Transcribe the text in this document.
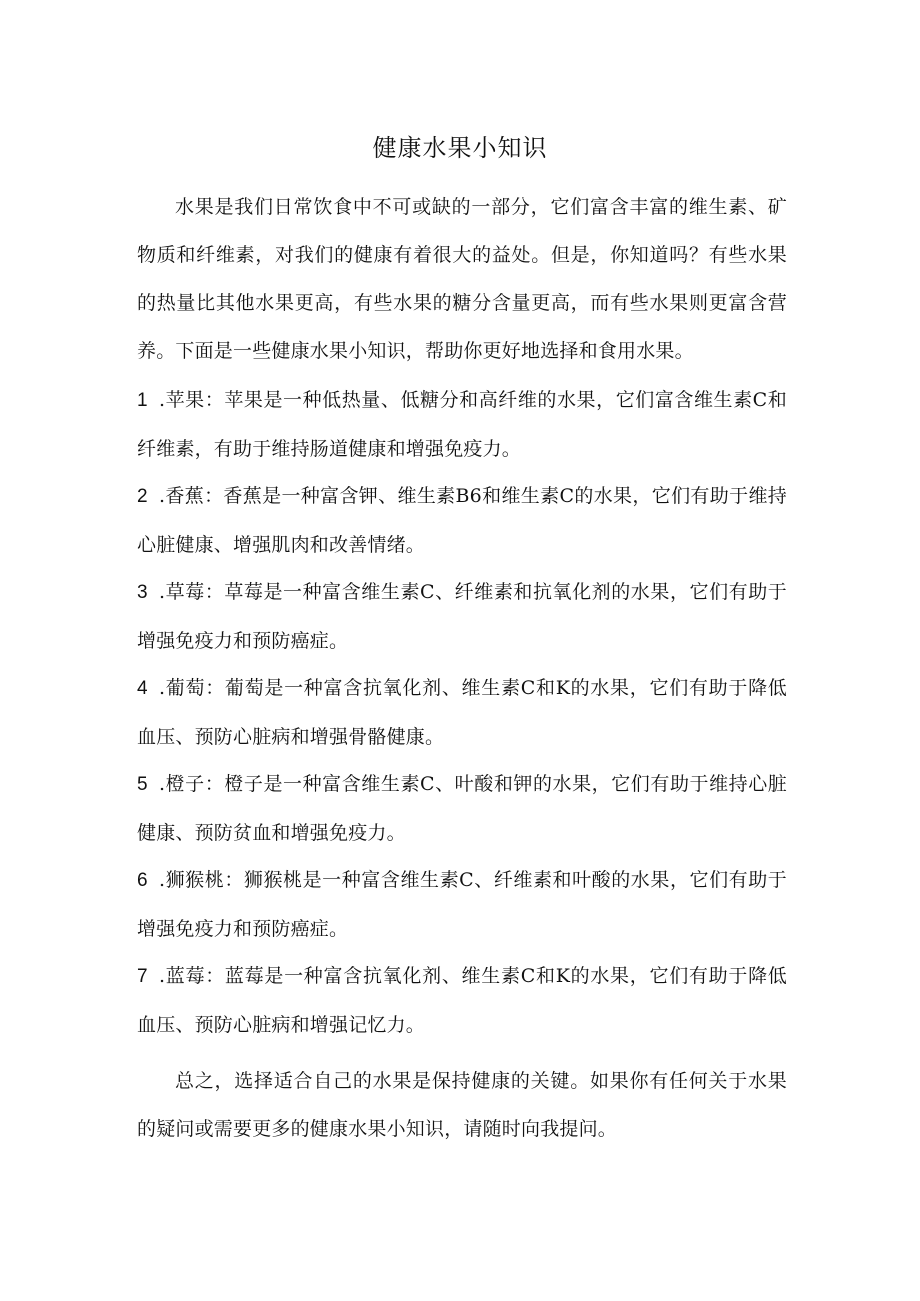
健康水果小知识
水果是我们日常饮食中不可或缺的一部分，它们富含丰富的维生素、矿物质和纤维素，对我们的健康有着很大的益处。但是，你知道吗？有些水果的热量比其他水果更高，有些水果的糖分含量更高，而有些水果则更富含营养。下面是一些健康水果小知识，帮助你更好地选择和食用水果。
1 .苹果：苹果是一种低热量、低糖分和高纤维的水果，它们富含维生素C和纤维素，有助于维持肠道健康和增强免疫力。
2 .香蕉：香蕉是一种富含钾、维生素B6和维生素C的水果，它们有助于维持心脏健康、增强肌肉和改善情绪。
3 .草莓：草莓是一种富含维生素C、纤维素和抗氧化剂的水果，它们有助于增强免疫力和预防癌症。
4 .葡萄：葡萄是一种富含抗氧化剂、维生素C和K的水果，它们有助于降低血压、预防心脏病和增强骨骼健康。
5 .橙子：橙子是一种富含维生素C、叶酸和钾的水果，它们有助于维持心脏健康、预防贫血和增强免疫力。
6 .狮猴桃：狮猴桃是一种富含维生素C、纤维素和叶酸的水果，它们有助于增强免疫力和预防癌症。
7 .蓝莓：蓝莓是一种富含抗氧化剂、维生素C和K的水果，它们有助于降低血压、预防心脏病和增强记忆力。
总之，选择适合自己的水果是保持健康的关键。如果你有任何关于水果的疑问或需要更多的健康水果小知识，请随时向我提问。
